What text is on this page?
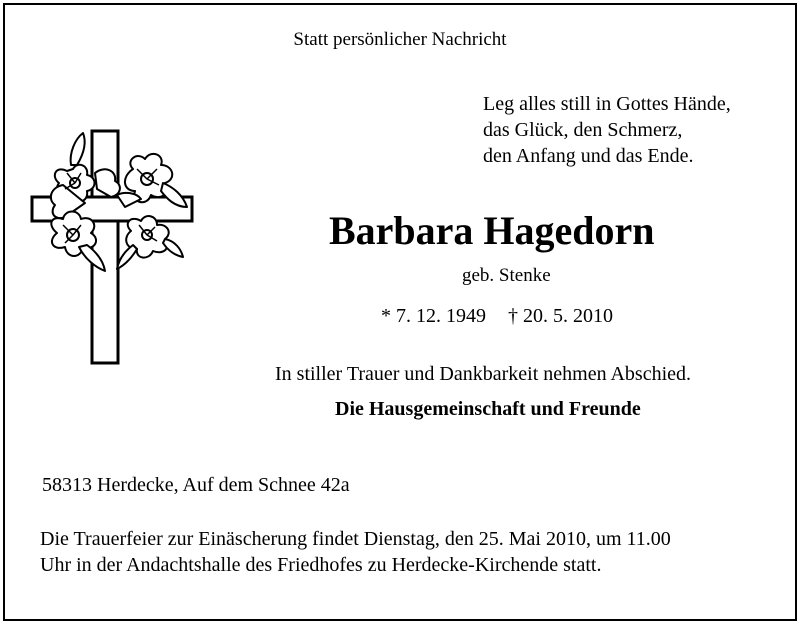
Statt persönlicher Nachricht
Leg alles still in Gottes Hände,
das Glück, den Schmerz,
den Anfang und das Ende.
Barbara Hagedorn
geb. Stenke
* 7. 12. 1949 † 20. 5. 2010
In stiller Trauer und Dankbarkeit nehmen Abschied.
Die Hausgemeinschaft und Freunde
58313 Herdecke, Auf dem Schnee 42a
Die Trauerfeier zur Einäscherung findet Dienstag, den 25. Mai 2010, um 11.00
Uhr in der Andachtshalle des Friedhofes zu Herdecke-Kirchende statt.
